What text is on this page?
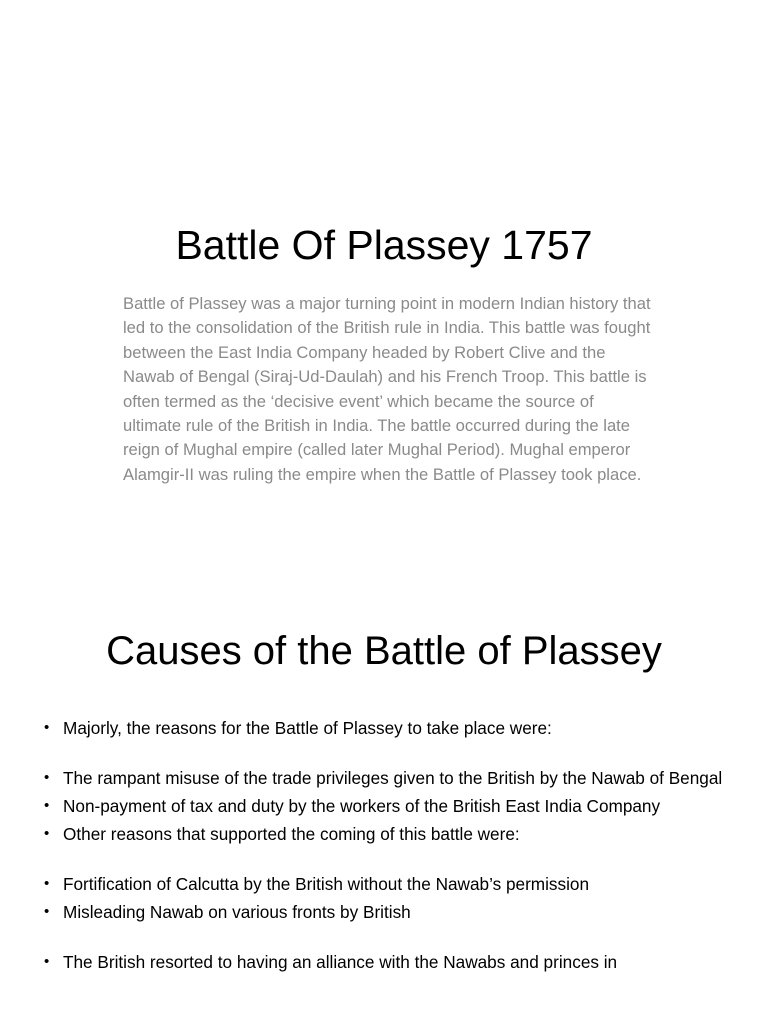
Battle Of Plassey 1757

Battle of Plassey was a major turning point in modern Indian history that led to the consolidation of the British rule in India. This battle was fought between the East India Company headed by Robert Clive and the Nawab of Bengal (Siraj-Ud-Daulah) and his French Troop. This battle is often termed as the ‘decisive event’ which became the source of ultimate rule of the British in India. The battle occurred during the late reign of Mughal empire (called later Mughal Period). Mughal emperor Alamgir-II was ruling the empire when the Battle of Plassey took place.

Causes of the Battle of Plassey
• Majorly, the reasons for the Battle of Plassey to take place were:
• The rampant misuse of the trade privileges given to the British by the Nawab of Bengal
• Non-payment of tax and duty by the workers of the British East India Company
• Other reasons that supported the coming of this battle were:
• Fortification of Calcutta by the British without the Nawab’s permission
• Misleading Nawab on various fronts by British
• The British resorted to having an alliance with the Nawabs and princes in
